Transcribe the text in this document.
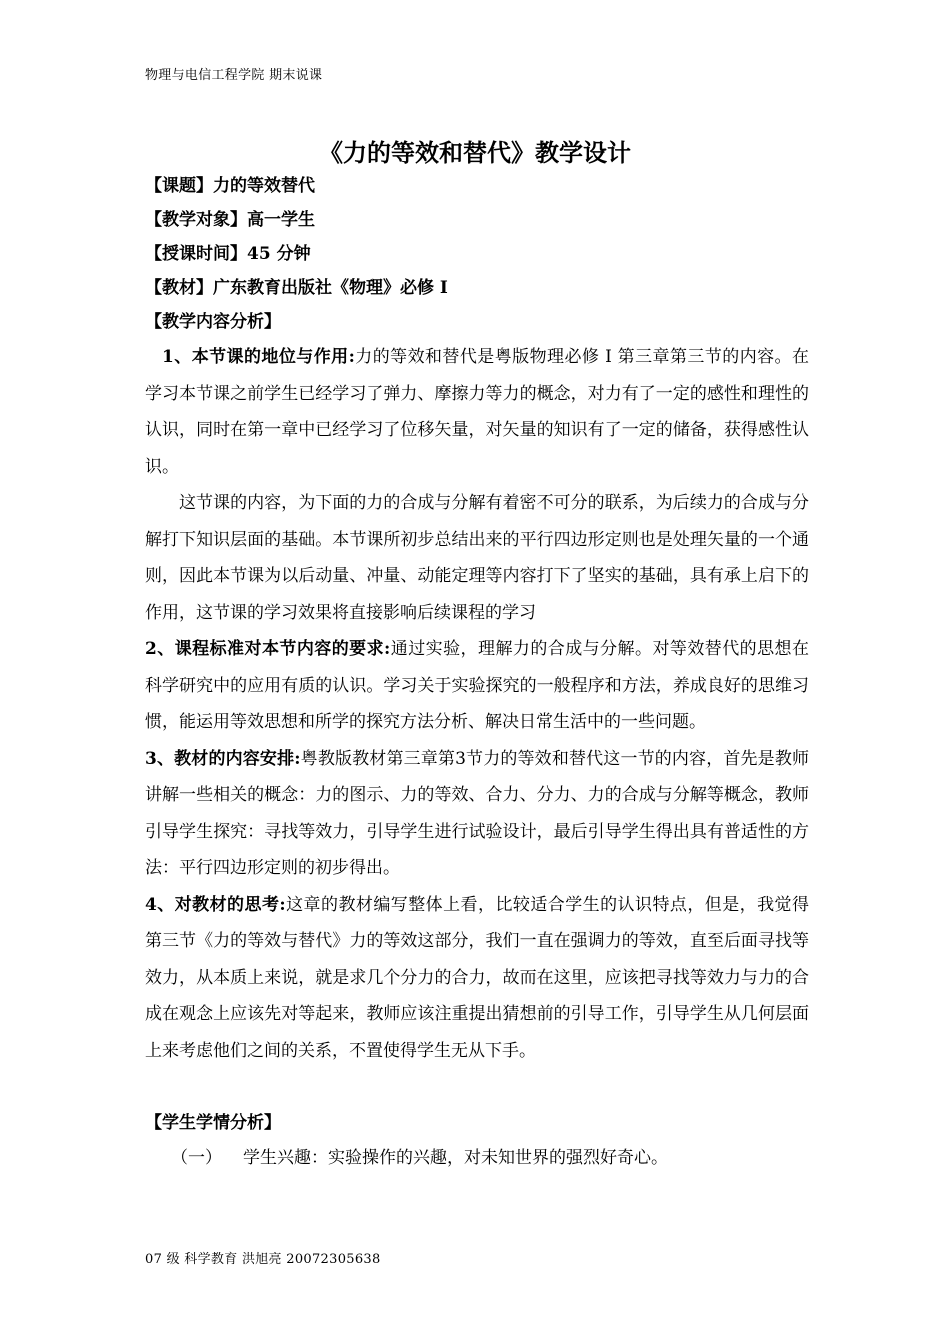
物理与电信工程学院 期末说课
《力的等效和替代》教学设计
【课题】力的等效替代
【教学对象】高一学生
【授课时间】45 分钟
【教材】广东教育出版社《物理》必修 I
【教学内容分析】

1、本节课的地位与作用:力的等效和替代是粤版物理必修 I 第三章第三节的内容。在学习本节课之前学生已经学习了弹力、摩擦力等力的概念，对力有了一定的感性和理性的认识，同时在第一章中已经学习了位移矢量，对矢量的知识有了一定的储备，获得感性认识。

这节课的内容，为下面的力的合成与分解有着密不可分的联系，为后续力的合成与分解打下知识层面的基础。本节课所初步总结出来的平行四边形定则也是处理矢量的一个通则，因此本节课为以后动量、冲量、动能定理等内容打下了坚实的基础，具有承上启下的作用，这节课的学习效果将直接影响后续课程的学习

2、课程标准对本节内容的要求:通过实验，理解力的合成与分解。对等效替代的思想在科学研究中的应用有质的认识。学习关于实验探究的一般程序和方法，养成良好的思维习惯，能运用等效思想和所学的探究方法分析、解决日常生活中的一些问题。

3、教材的内容安排:粤教版教材第三章第3节力的等效和替代这一节的内容，首先是教师讲解一些相关的概念：力的图示、力的等效、合力、分力、力的合成与分解等概念，教师引导学生探究：寻找等效力，引导学生进行试验设计，最后引导学生得出具有普适性的方法：平行四边形定则的初步得出。

4、对教材的思考:这章的教材编写整体上看，比较适合学生的认识特点，但是，我觉得第三节《力的等效与替代》力的等效这部分，我们一直在强调力的等效，直至后面寻找等效力，从本质上来说，就是求几个分力的合力，故而在这里，应该把寻找等效力与力的合成在观念上应该先对等起来，教师应该注重提出猜想前的引导工作，引导学生从几何层面上来考虑他们之间的关系，不置使得学生无从下手。

【学生学情分析】
（一） 学生兴趣：实验操作的兴趣，对未知世界的强烈好奇心。
07 级 科学教育 洪旭亮 20072305638
